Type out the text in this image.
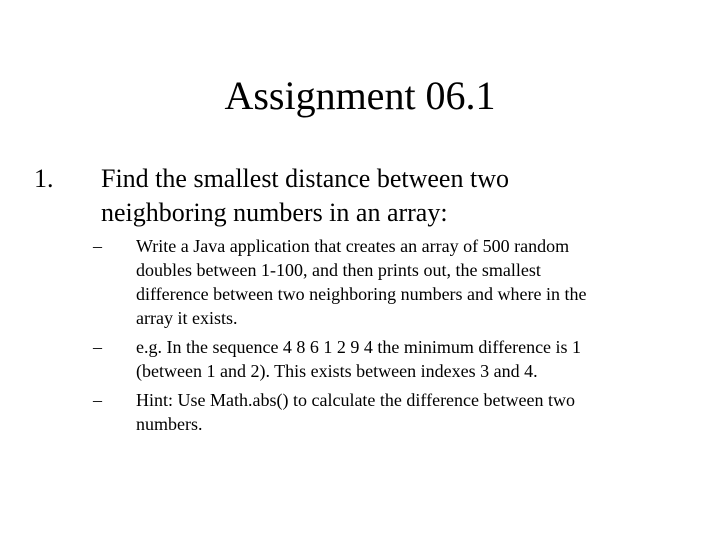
Assignment 06.1
1. Find the smallest distance between two
neighboring numbers in an array:
– Write a Java application that creates an array of 500 random
doubles between 1-100, and then prints out, the smallest
difference between two neighboring numbers and where in the
array it exists.
– e.g. In the sequence 4 8 6 1 2 9 4 the minimum difference is 1
(between 1 and 2). This exists between indexes 3 and 4.
– Hint: Use Math.abs() to calculate the difference between two
numbers.
